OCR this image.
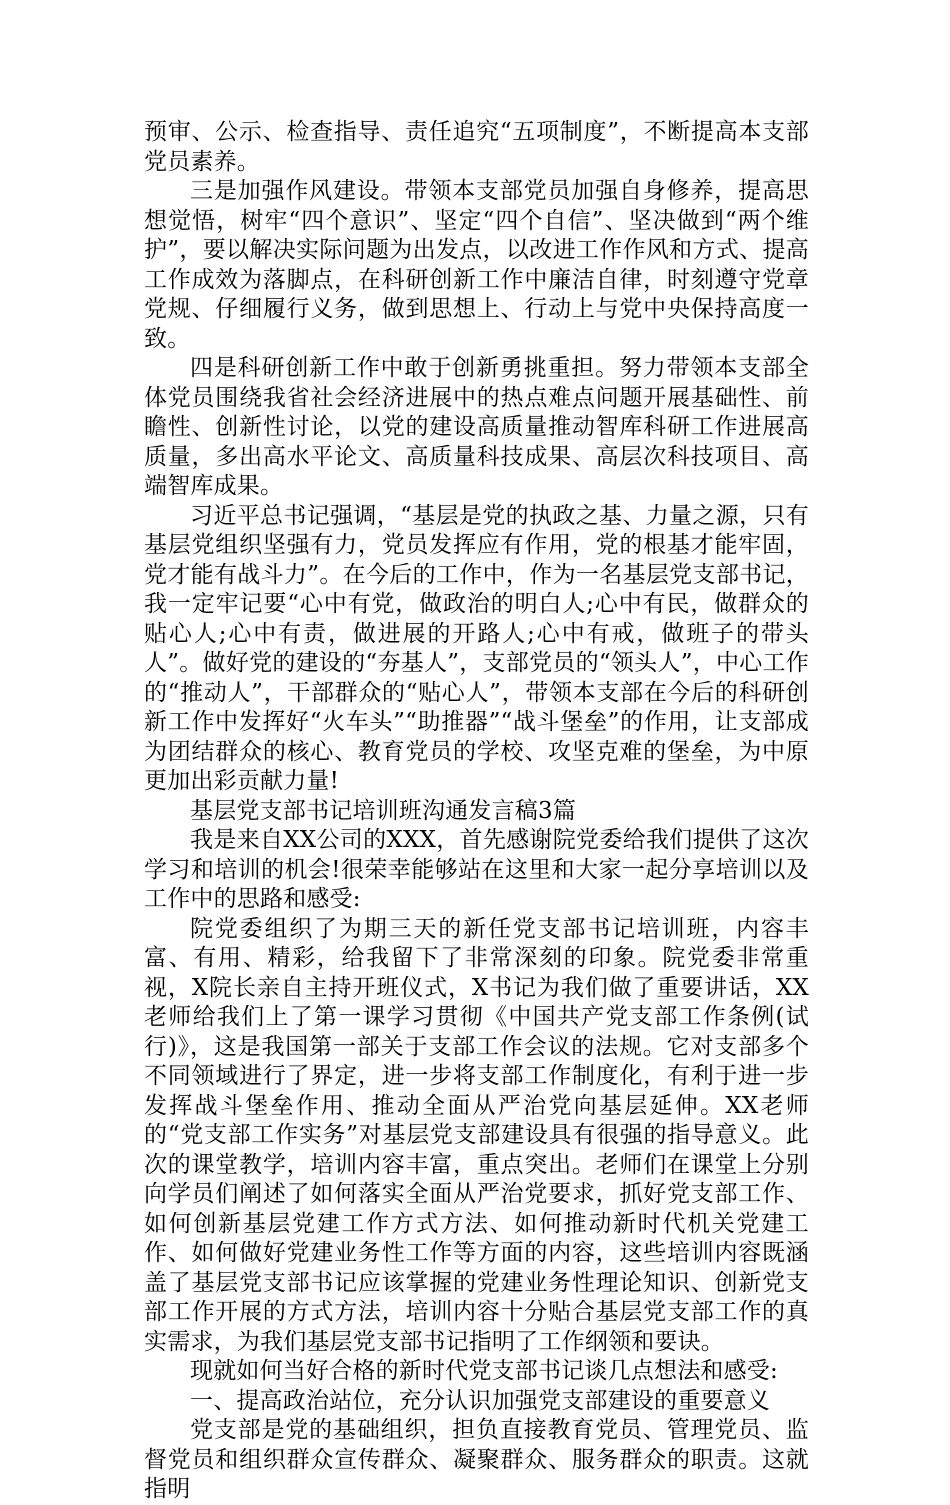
预审、公示、检查指导、责任追究“五项制度”，不断提高本支部党员素养。

三是加强作风建设。带领本支部党员加强自身修养，提高思想觉悟，树牢“四个意识”、坚定“四个自信”、坚决做到“两个维护”，要以解决实际问题为出发点，以改进工作作风和方式、提高工作成效为落脚点，在科研创新工作中廉洁自律，时刻遵守党章党规、仔细履行义务，做到思想上、行动上与党中央保持高度一致。

四是科研创新工作中敢于创新勇挑重担。努力带领本支部全体党员围绕我省社会经济进展中的热点难点问题开展基础性、前瞻性、创新性讨论，以党的建设高质量推动智库科研工作进展高质量，多出高水平论文、高质量科技成果、高层次科技项目、高端智库成果。

习近平总书记强调，“基层是党的执政之基、力量之源，只有基层党组织坚强有力，党员发挥应有作用，党的根基才能牢固，党才能有战斗力”。在今后的工作中，作为一名基层党支部书记，我一定牢记要“心中有党，做政治的明白人;心中有民，做群众的贴心人;心中有责，做进展的开路人;心中有戒，做班子的带头人”。做好党的建设的“夯基人”，支部党员的“领头人”，中心工作的“推动人”，干部群众的“贴心人”，带领本支部在今后的科研创新工作中发挥好“火车头”“助推器”“战斗堡垒”的作用，让支部成为团结群众的核心、教育党员的学校、攻坚克难的堡垒，为中原更加出彩贡献力量!

基层党支部书记培训班沟通发言稿3篇

我是来自XX公司的XXX，首先感谢院党委给我们提供了这次学习和培训的机会!很荣幸能够站在这里和大家一起分享培训以及工作中的思路和感受:

院党委组织了为期三天的新任党支部书记培训班，内容丰富、有用、精彩，给我留下了非常深刻的印象。院党委非常重视，X院长亲自主持开班仪式，X书记为我们做了重要讲话，XX老师给我们上了第一课学习贯彻《中国共产党支部工作条例(试行)》，这是我国第一部关于支部工作会议的法规。它对支部多个不同领域进行了界定，进一步将支部工作制度化，有利于进一步发挥战斗堡垒作用、推动全面从严治党向基层延伸。XX老师的“党支部工作实务”对基层党支部建设具有很强的指导意义。此次的课堂教学，培训内容丰富，重点突出。老师们在课堂上分别向学员们阐述了如何落实全面从严治党要求，抓好党支部工作、如何创新基层党建工作方式方法、如何推动新时代机关党建工作、如何做好党建业务性工作等方面的内容，这些培训内容既涵盖了基层党支部书记应该掌握的党建业务性理论知识、创新党支部工作开展的方式方法，培训内容十分贴合基层党支部工作的真实需求，为我们基层党支部书记指明了工作纲领和要诀。

现就如何当好合格的新时代党支部书记谈几点想法和感受:

一、提高政治站位，充分认识加强党支部建设的重要意义

党支部是党的基础组织，担负直接教育党员、管理党员、监督党员和组织群众宣传群众、凝聚群众、服务群众的职责。这就指明
